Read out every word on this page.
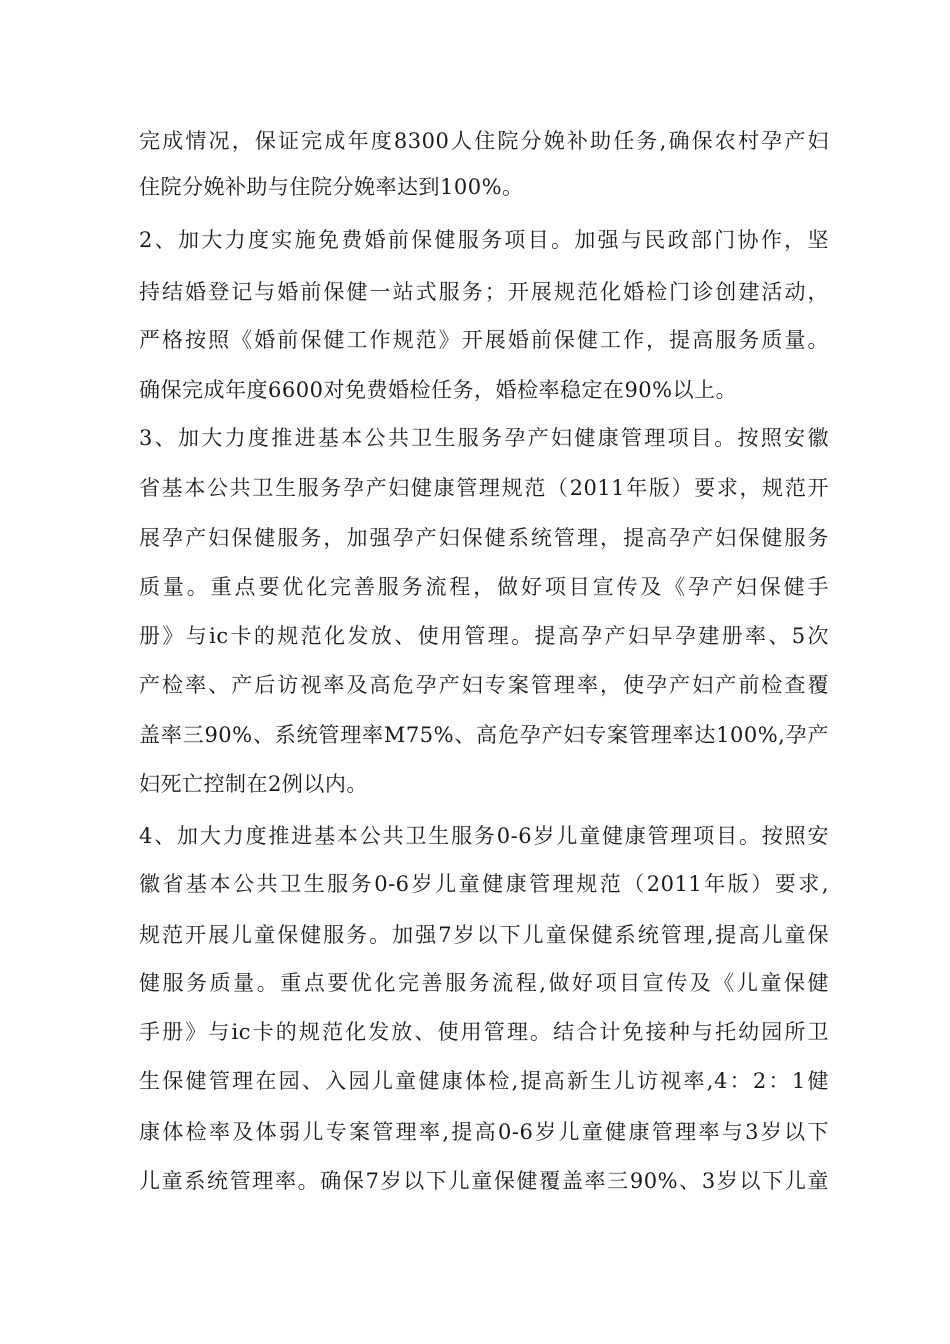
完成情况，保证完成年度8300人住院分娩补助任务,确保农村孕产妇
住院分娩补助与住院分娩率达到100%。
2、加大力度实施免费婚前保健服务项目。加强与民政部门协作，坚
持结婚登记与婚前保健一站式服务；开展规范化婚检门诊创建活动，
严格按照《婚前保健工作规范》开展婚前保健工作，提高服务质量。
确保完成年度6600对免费婚检任务，婚检率稳定在90%以上。
3、加大力度推进基本公共卫生服务孕产妇健康管理项目。按照安徽
省基本公共卫生服务孕产妇健康管理规范（2011年版）要求，规范开
展孕产妇保健服务，加强孕产妇保健系统管理，提高孕产妇保健服务
质量。重点要优化完善服务流程，做好项目宣传及《孕产妇保健手
册》与ic卡的规范化发放、使用管理。提高孕产妇早孕建册率、5次
产检率、产后访视率及高危孕产妇专案管理率，使孕产妇产前检查覆
盖率三90%、系统管理率M75%、高危孕产妇专案管理率达100%,孕产
妇死亡控制在2例以内。
4、加大力度推进基本公共卫生服务0-6岁儿童健康管理项目。按照安
徽省基本公共卫生服务0-6岁儿童健康管理规范（2011年版）要求,
规范开展儿童保健服务。加强7岁以下儿童保健系统管理,提高儿童保
健服务质量。重点要优化完善服务流程,做好项目宣传及《儿童保健
手册》与ic卡的规范化发放、使用管理。结合计免接种与托幼园所卫
生保健管理在园、入园儿童健康体检,提高新生儿访视率,4：2：1健
康体检率及体弱儿专案管理率,提高0-6岁儿童健康管理率与3岁以下
儿童系统管理率。确保7岁以下儿童保健覆盖率三90%、3岁以下儿童
